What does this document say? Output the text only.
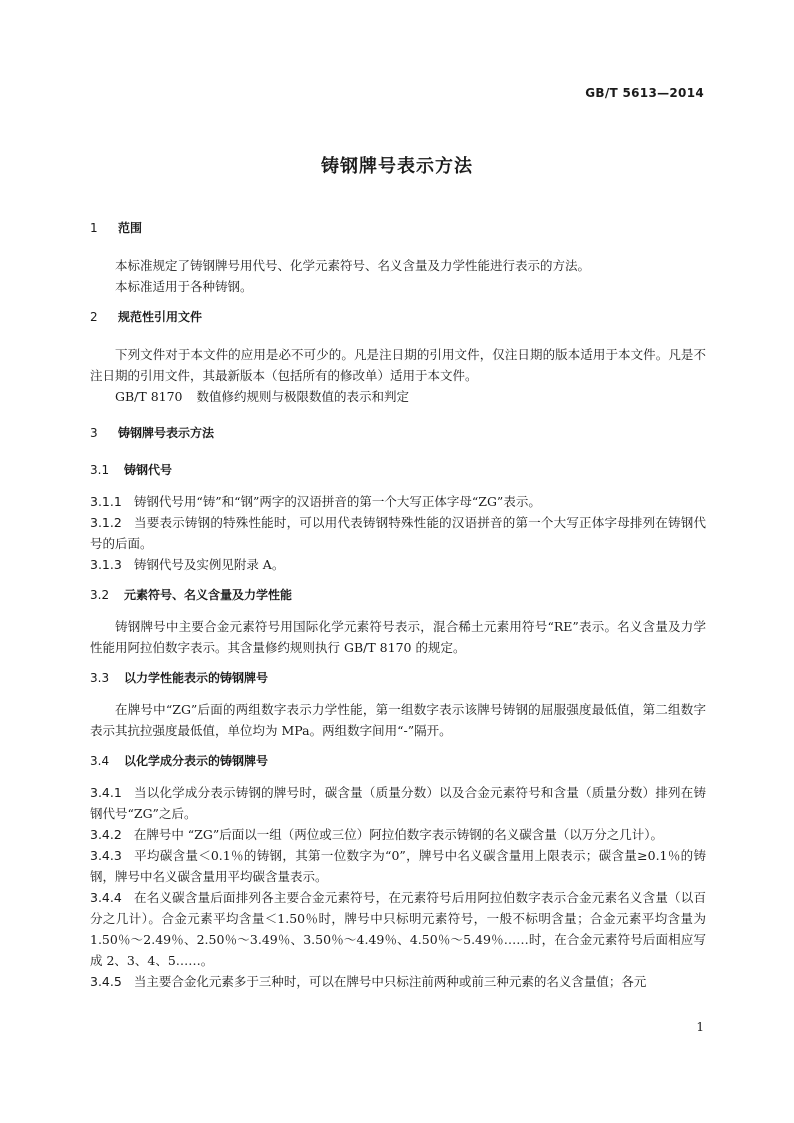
GB/T 5613—2014
铸钢牌号表示方法

1 范围

本标准规定了铸钢牌号用代号、化学元素符号、名义含量及力学性能进行表示的方法。

本标准适用于各种铸钢。

2 规范性引用文件

下列文件对于本文件的应用是必不可少的。凡是注日期的引用文件，仅注日期的版本适用于本文件。凡是不注日期的引用文件，其最新版本（包括所有的修改单）适用于本文件。

GB/T 8170 数值修约规则与极限数值的表示和判定

3 铸钢牌号表示方法

3.1 铸钢代号

3.1.1 铸钢代号用“铸”和“钢”两字的汉语拼音的第一个大写正体字母“ZG”表示。

3.1.2 当要表示铸钢的特殊性能时，可以用代表铸钢特殊性能的汉语拼音的第一个大写正体字母排列在铸钢代号的后面。

3.1.3 铸钢代号及实例见附录 A。

3.2 元素符号、名义含量及力学性能

铸钢牌号中主要合金元素符号用国际化学元素符号表示，混合稀土元素用符号“RE”表示。名义含量及力学性能用阿拉伯数字表示。其含量修约规则执行 GB/T 8170 的规定。

3.3 以力学性能表示的铸钢牌号

在牌号中“ZG”后面的两组数字表示力学性能，第一组数字表示该牌号铸钢的屈服强度最低值，第二组数字表示其抗拉强度最低值，单位均为 MPa。两组数字间用“-”隔开。

3.4 以化学成分表示的铸钢牌号

3.4.1 当以化学成分表示铸钢的牌号时，碳含量（质量分数）以及合金元素符号和含量（质量分数）排列在铸钢代号“ZG”之后。

3.4.2 在牌号中 “ZG”后面以一组（两位或三位）阿拉伯数字表示铸钢的名义碳含量（以万分之几计）。

3.4.3 平均碳含量＜0.1％的铸钢，其第一位数字为“0”，牌号中名义碳含量用上限表示；碳含量≥0.1％的铸钢，牌号中名义碳含量用平均碳含量表示。

3.4.4 在名义碳含量后面排列各主要合金元素符号，在元素符号后用阿拉伯数字表示合金元素名义含量（以百分之几计）。合金元素平均含量＜1.50％时，牌号中只标明元素符号，一般不标明含量；合金元素平均含量为 1.50％～2.49％、2.50％～3.49％、3.50％～4.49％、4.50％～5.49％……时，在合金元素符号后面相应写成 2、3、4、5……。

3.4.5 当主要合金化元素多于三种时，可以在牌号中只标注前两种或前三种元素的名义含量值；各元

1
